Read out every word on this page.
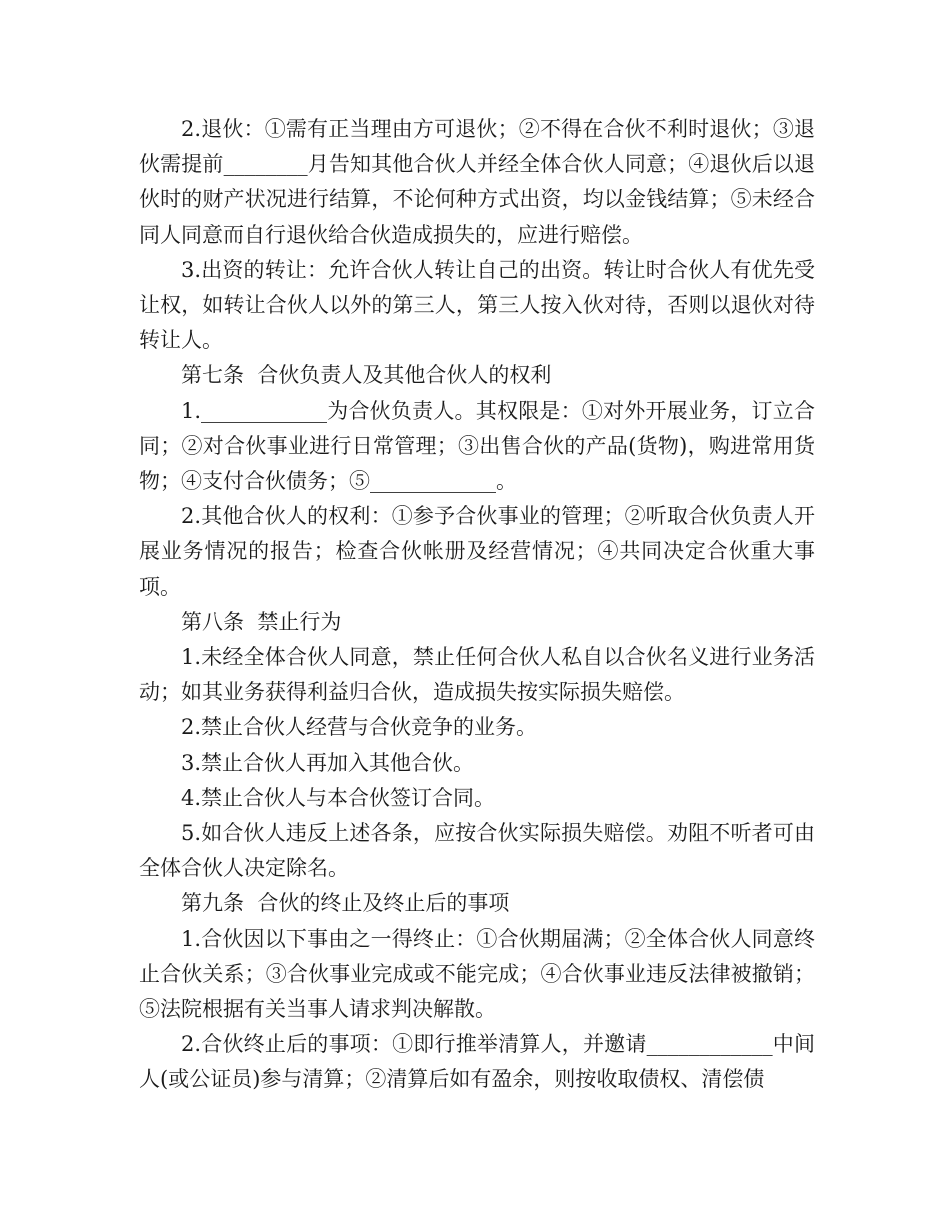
2.退伙：①需有正当理由方可退伙；②不得在合伙不利时退伙；③退伙需提前________月告知其他合伙人并经全体合伙人同意；④退伙后以退伙时的财产状况进行结算，不论何种方式出资，均以金钱结算；⑤未经合同人同意而自行退伙给合伙造成损失的，应进行赔偿。

3.出资的转让：允许合伙人转让自己的出资。转让时合伙人有优先受让权，如转让合伙人以外的第三人，第三人按入伙对待，否则以退伙对待转让人。

第七条  合伙负责人及其他合伙人的权利

1.____________为合伙负责人。其权限是：①对外开展业务，订立合同；②对合伙事业进行日常管理；③出售合伙的产品(货物)，购进常用货物；④支付合伙债务；⑤____________。

2.其他合伙人的权利：①参予合伙事业的管理；②听取合伙负责人开展业务情况的报告；检查合伙帐册及经营情况；④共同决定合伙重大事项。

第八条  禁止行为

1.未经全体合伙人同意，禁止任何合伙人私自以合伙名义进行业务活动；如其业务获得利益归合伙，造成损失按实际损失赔偿。

2.禁止合伙人经营与合伙竞争的业务。

3.禁止合伙人再加入其他合伙。

4.禁止合伙人与本合伙签订合同。

5.如合伙人违反上述各条，应按合伙实际损失赔偿。劝阻不听者可由全体合伙人决定除名。

第九条  合伙的终止及终止后的事项

1.合伙因以下事由之一得终止：①合伙期届满；②全体合伙人同意终止合伙关系；③合伙事业完成或不能完成；④合伙事业违反法律被撤销；⑤法院根据有关当事人请求判决解散。

2.合伙终止后的事项：①即行推举清算人，并邀请____________中间人(或公证员)参与清算；②清算后如有盈余，则按收取债权、清偿债
